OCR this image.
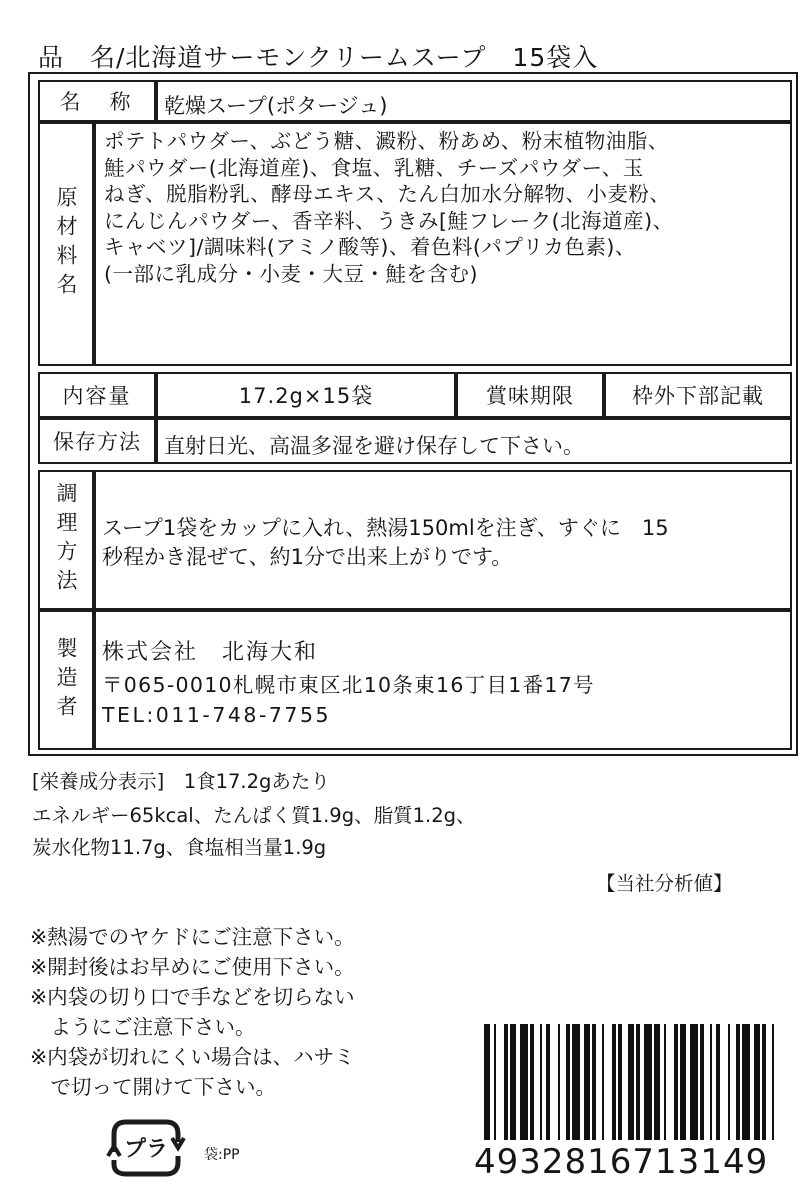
品　名/北海道サーモンクリームスープ　15袋入
名　称 乾燥スープ(ポタージュ)
原材料名
ポテトパウダー、ぶどう糖、澱粉、粉あめ、粉末植物油脂、
鮭パウダー(北海道産)、食塩、乳糖、チーズパウダー、玉
ねぎ、脱脂粉乳、酵母エキス、たん白加水分解物、小麦粉、
にんじんパウダー、香辛料、うきみ[鮭フレーク(北海道産)、
キャベツ]/調味料(アミノ酸等)、着色料(パプリカ色素)、
(一部に乳成分・小麦・大豆・鮭を含む)
内容量	17.2g×15袋	賞味期限	枠外下部記載
保存方法 直射日光、高温多湿を避け保存して下さい。
調理方法 スープ1袋をカップに入れ、熱湯150mlを注ぎ、すぐに　15
秒程かき混ぜて、約1分で出来上がりです。
製造者 株式会社　北海大和
〒065-0010札幌市東区北10条東16丁目1番17号
TEL:011-748-7755
[栄養成分表示]　1食17.2gあたり
エネルギー65kcal、たんぱく質1.9g、脂質1.2g、
炭水化物11.7g、食塩相当量1.9g
【当社分析値】
※熱湯でのヤケドにご注意下さい。
※開封後はお早めにご使用下さい。
※内袋の切り口で手などを切らない
　ようにご注意下さい。
※内袋が切れにくい場合は、ハサミ
　で切って開けて下さい。
プラ	袋:PP	4932816713149
